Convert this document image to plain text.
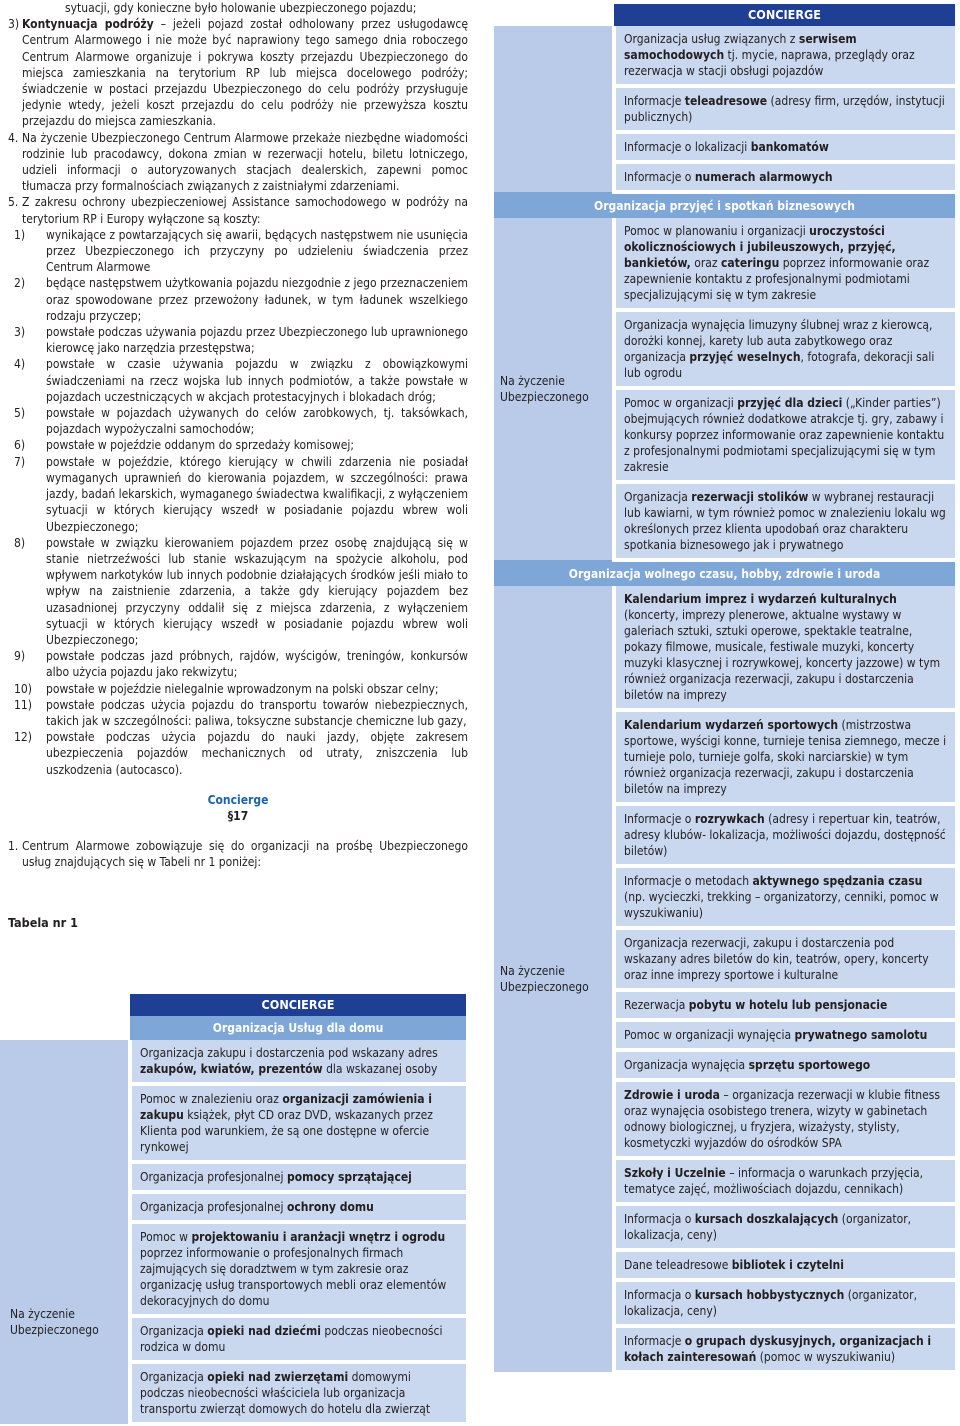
sytuacji, gdy konieczne było holowanie ubezpieczonego pojazdu;

3) Kontynuacja podróży – jeżeli pojazd został odholowany przez usługodawcę Centrum Alarmowego i nie może być naprawiony tego samego dnia roboczego Centrum Alarmowe organizuje i pokrywa koszty przejazdu Ubezpieczonego do miejsca zamieszkania na terytorium RP lub miejsca docelowego podróży; świadczenie w postaci przejazdu Ubezpieczonego do celu podróży przysługuje jedynie wtedy, jeżeli koszt przejazdu do celu podróży nie przewyższa kosztu przejazdu do miejsca zamieszkania.
4. Na życzenie Ubezpieczonego Centrum Alarmowe przekaże niezbędne wiadomości rodzinie lub pracodawcy, dokona zmian w rezerwacji hotelu, biletu lotniczego, udzieli informacji o autoryzowanych stacjach dealerskich, zapewni pomoc tłumacza przy formalnościach związanych z zaistniałymi zdarzeniami.
5. Z zakresu ochrony ubezpieczeniowej Assistance samochodowego w podróży na terytorium RP i Europy wyłączone są koszty:
1)	wynikające z powtarzających się awarii, będących następstwem nie usunięcia przez Ubezpieczonego ich przyczyny po udzieleniu świadczenia przez Centrum Alarmowe
2)	będące następstwem użytkowania pojazdu niezgodnie z jego przeznaczeniem oraz spowodowane przez przewożony ładunek, w tym ładunek wszelkiego rodzaju przyczep;
3)	powstałe podczas używania pojazdu przez Ubezpieczonego lub uprawnionego kierowcę jako narzędzia przestępstwa;
4)	powstałe w czasie używania pojazdu w związku z obowiązkowymi świadczeniami na rzecz wojska lub innych podmiotów, a także powstałe w pojazdach uczestniczących w akcjach protestacyjnych i blokadach dróg;
5)	powstałe w pojazdach używanych do celów zarobkowych, tj. taksówkach, pojazdach wypożyczalni samochodów;
6)	powstałe w pojeździe oddanym do sprzedaży komisowej;
7)	powstałe w pojeździe, którego kierujący w chwili zdarzenia nie posiadał wymaganych uprawnień do kierowania pojazdem, w szczególności: prawa jazdy, badań lekarskich, wymaganego świadectwa kwalifikacji, z wyłączeniem sytuacji w których kierujący wszedł w posiadanie pojazdu wbrew woli Ubezpieczonego;
8)	powstałe w związku kierowaniem pojazdem przez osobę znajdującą się w stanie nietrzeźwości lub stanie wskazującym na spożycie alkoholu, pod wpływem narkotyków lub innych podobnie działających środków jeśli miało to wpływ na zaistnienie zdarzenia, a także gdy kierujący pojazdem bez uzasadnionej przyczyny oddalił się z miejsca zdarzenia, z wyłączeniem sytuacji w których kierujący wszedł w posiadanie pojazdu wbrew woli Ubezpieczonego;
9)	powstałe podczas jazd próbnych, rajdów, wyścigów, treningów, konkursów albo użycia pojazdu jako rekwizytu;
10)	powstałe w pojeździe nielegalnie wprowadzonym na polski obszar celny;
11)	powstałe podczas użycia pojazdu do transportu towarów niebezpiecznych, takich jak w szczególności: paliwa, toksyczne substancje chemiczne lub gazy,
12)	powstałe podczas użycia pojazdu do nauki jazdy, objęte zakresem ubezpieczenia pojazdów mechanicznych od utraty, zniszczenia lub uszkodzenia (autocasco).
Concierge
§17
1. Centrum Alarmowe zobowiązuje się do organizacji na prośbę Ubezpieczonego usług znajdujących się w Tabeli nr 1 poniżej:
Tabela nr 1
	CONCIERGE
	Organizacja Usług dla domu
Na życzenie Ubezpieczonego	Organizacja zakupu i dostarczenia pod wskazany adres zakupów, kwiatów, prezentów dla wskazanej osoby
	Pomoc w znalezieniu oraz organizacji zamówienia i zakupu książek, płyt CD oraz DVD, wskazanych przez Klienta pod warunkiem, że są one dostępne w ofercie rynkowej
	Organizacja profesjonalnej pomocy sprzątającej
	Organizacja profesjonalnej ochrony domu
	Pomoc w projektowaniu i aranżacji wnętrz i ogrodu poprzez informowanie o profesjonalnych firmach zajmujących się doradztwem w tym zakresie oraz organizację usług transportowych mebli oraz elementów dekoracyjnych do domu
	Organizacja opieki nad dziećmi podczas nieobecności rodzica w domu
	Organizacja opieki nad zwierzętami domowymi podczas nieobecności właściciela lub organizacja transportu zwierząt domowych do hotelu dla zwierząt
	CONCIERGE
	Organizacja usług związanych z serwisem samochodowych tj. mycie, naprawa, przeglądy oraz rezerwacja w stacji obsługi pojazdów
	Informacje teleadresowe (adresy firm, urzędów, instytucji publicznych)
	Informacje o lokalizacji bankomatów
	Informacje o numerach alarmowych
Organizacja przyjęć i spotkań biznesowych	
Na życzenie Ubezpieczonego	Pomoc w planowaniu i organizacji uroczystości okolicznościowych i jubileuszowych, przyjęć, bankietów, oraz cateringu poprzez informowanie oraz zapewnienie kontaktu z profesjonalnymi podmiotami specjalizującymi się w tym zakresie
	Organizacja wynajęcia limuzyny ślubnej wraz z kierowcą, dorożki konnej, karety lub auta zabytkowego oraz organizacja przyjęć weselnych, fotografa, dekoracji sali lub ogrodu
	Pomoc w organizacji przyjęć dla dzieci („Kinder parties”) obejmujących również dodatkowe atrakcje tj. gry, zabawy i konkursy poprzez informowanie oraz zapewnienie kontaktu z profesjonalnymi podmiotami specjalizującymi się w tym zakresie
	Organizacja rezerwacji stolików w wybranej restauracji lub kawiarni, w tym również pomoc w znalezieniu lokalu wg określonych przez klienta upodobań oraz charakteru spotkania biznesowego jak i prywatnego
Organizacja wolnego czasu, hobby, zdrowie i uroda	
Na życzenie Ubezpieczonego	Kalendarium imprez i wydarzeń kulturalnych (koncerty, imprezy plenerowe, aktualne wystawy w galeriach sztuki, sztuki operowe, spektakle teatralne, pokazy filmowe, musicale, festiwale muzyki, koncerty muzyki klasycznej i rozrywkowej, koncerty jazzowe) w tym również organizacja rezerwacji, zakupu i dostarczenia biletów na imprezy
	Kalendarium wydarzeń sportowych (mistrzostwa sportowe, wyścigi konne, turnieje tenisa ziemnego, mecze i turnieje polo, turnieje golfa, skoki narciarskie) w tym również organizacja rezerwacji, zakupu i dostarczenia biletów na imprezy
	Informacje o rozrywkach (adresy i repertuar kin, teatrów, adresy klubów- lokalizacja, możliwości dojazdu, dostępność biletów)
	Informacje o metodach aktywnego spędzania czasu (np. wycieczki, trekking – organizatorzy, cenniki, pomoc w wyszukiwaniu)
	Organizacja rezerwacji, zakupu i dostarczenia pod wskazany adres biletów do kin, teatrów, opery, koncerty oraz inne imprezy sportowe i kulturalne
	Rezerwacja pobytu w hotelu lub pensjonacie
	Pomoc w organizacji wynajęcia prywatnego samolotu
	Organizacja wynajęcia sprzętu sportowego
	Zdrowie i uroda – organizacja rezerwacji w klubie fitness oraz wynajęcia osobistego trenera, wizyty w gabinetach odnowy biologicznej, u fryzjera, wizażysty, stylisty, kosmetyczki wyjazdów do ośrodków SPA
	Szkoły i Uczelnie – informacja o warunkach przyjęcia, tematyce zajęć, możliwościach dojazdu, cennikach)
	Informacja o kursach doszkalających (organizator, lokalizacja, ceny)
	Dane teleadresowe bibliotek i czytelni
	Informacja o kursach hobbystycznych (organizator, lokalizacja, ceny)
	Informacje o grupach dyskusyjnych, organizacjach i kołach zainteresowań (pomoc w wyszukiwaniu)
